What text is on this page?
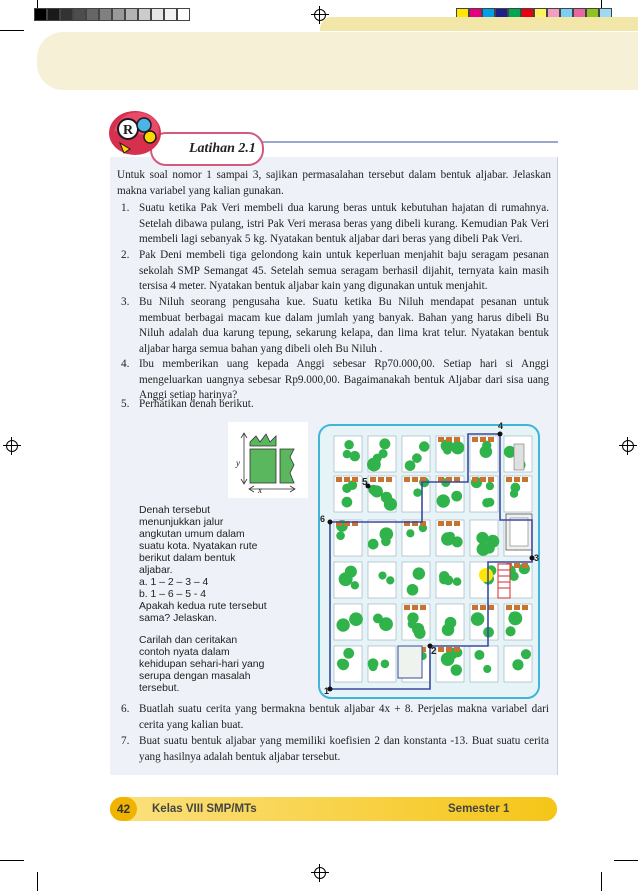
Latihan 2.1
R
Untuk soal nomor 1 sampai 3, sajikan permasalahan tersebut dalam bentuk aljabar. Jelaskan makna variabel yang kalian gunakan.
1. Suatu ketika Pak Veri membeli dua karung beras untuk kebutuhan hajatan di rumahnya. Setelah dibawa pulang, istri Pak Veri merasa beras yang dibeli kurang. Kemudian Pak Veri membeli lagi sebanyak 5 kg. Nyatakan bentuk aljabar dari beras yang dibeli Pak Veri.
2. Pak Deni membeli tiga gelondong kain untuk keperluan menjahit baju seragam pesanan sekolah SMP Semangat 45. Setelah semua seragam berhasil dijahit, ternyata kain masih tersisa 4 meter. Nyatakan bentuk aljabar kain yang digunakan untuk menjahit.
3. Bu Niluh seorang pengusaha kue. Suatu ketika Bu Niluh mendapat pesanan untuk membuat berbagai macam kue dalam jumlah yang banyak. Bahan yang harus dibeli Bu Niluh adalah dua karung tepung, sekarung kelapa, dan lima krat telur. Nyatakan bentuk aljabar harga semua bahan yang dibeli oleh Bu Niluh .
4. Ibu memberikan uang kepada Anggi sebesar Rp70.000,00. Setiap hari si Anggi mengeluarkan uangnya sebesar Rp9.000,00. Bagaimanakah bentuk Aljabar dari sisa uang Anggi setiap harinya?
5. Perhatikan denah berikut.
y
x
Denah tersebut
menunjukkan jalur
angkutan umum dalam
suatu kota. Nyatakan rute
berikut dalam bentuk
aljabar.
a. 1 – 2 – 3 – 4
b. 1 – 6 – 5 - 4
Apakah kedua rute tersebut
sama? Jelaskan.
Carilah dan ceritakan
contoh nyata dalam
kehidupan sehari-hari yang
serupa dengan masalah
tersebut.
4
5
6
3
2
1
6. Buatlah suatu cerita yang bermakna bentuk aljabar 4x + 8. Perjelas makna variabel dari cerita yang kalian buat.
7. Buat suatu bentuk aljabar yang memiliki koefisien 2 dan konstanta -13. Buat suatu cerita yang hasilnya adalah bentuk aljabar tersebut.
42	Kelas VIII SMP/MTs	Semester 1
